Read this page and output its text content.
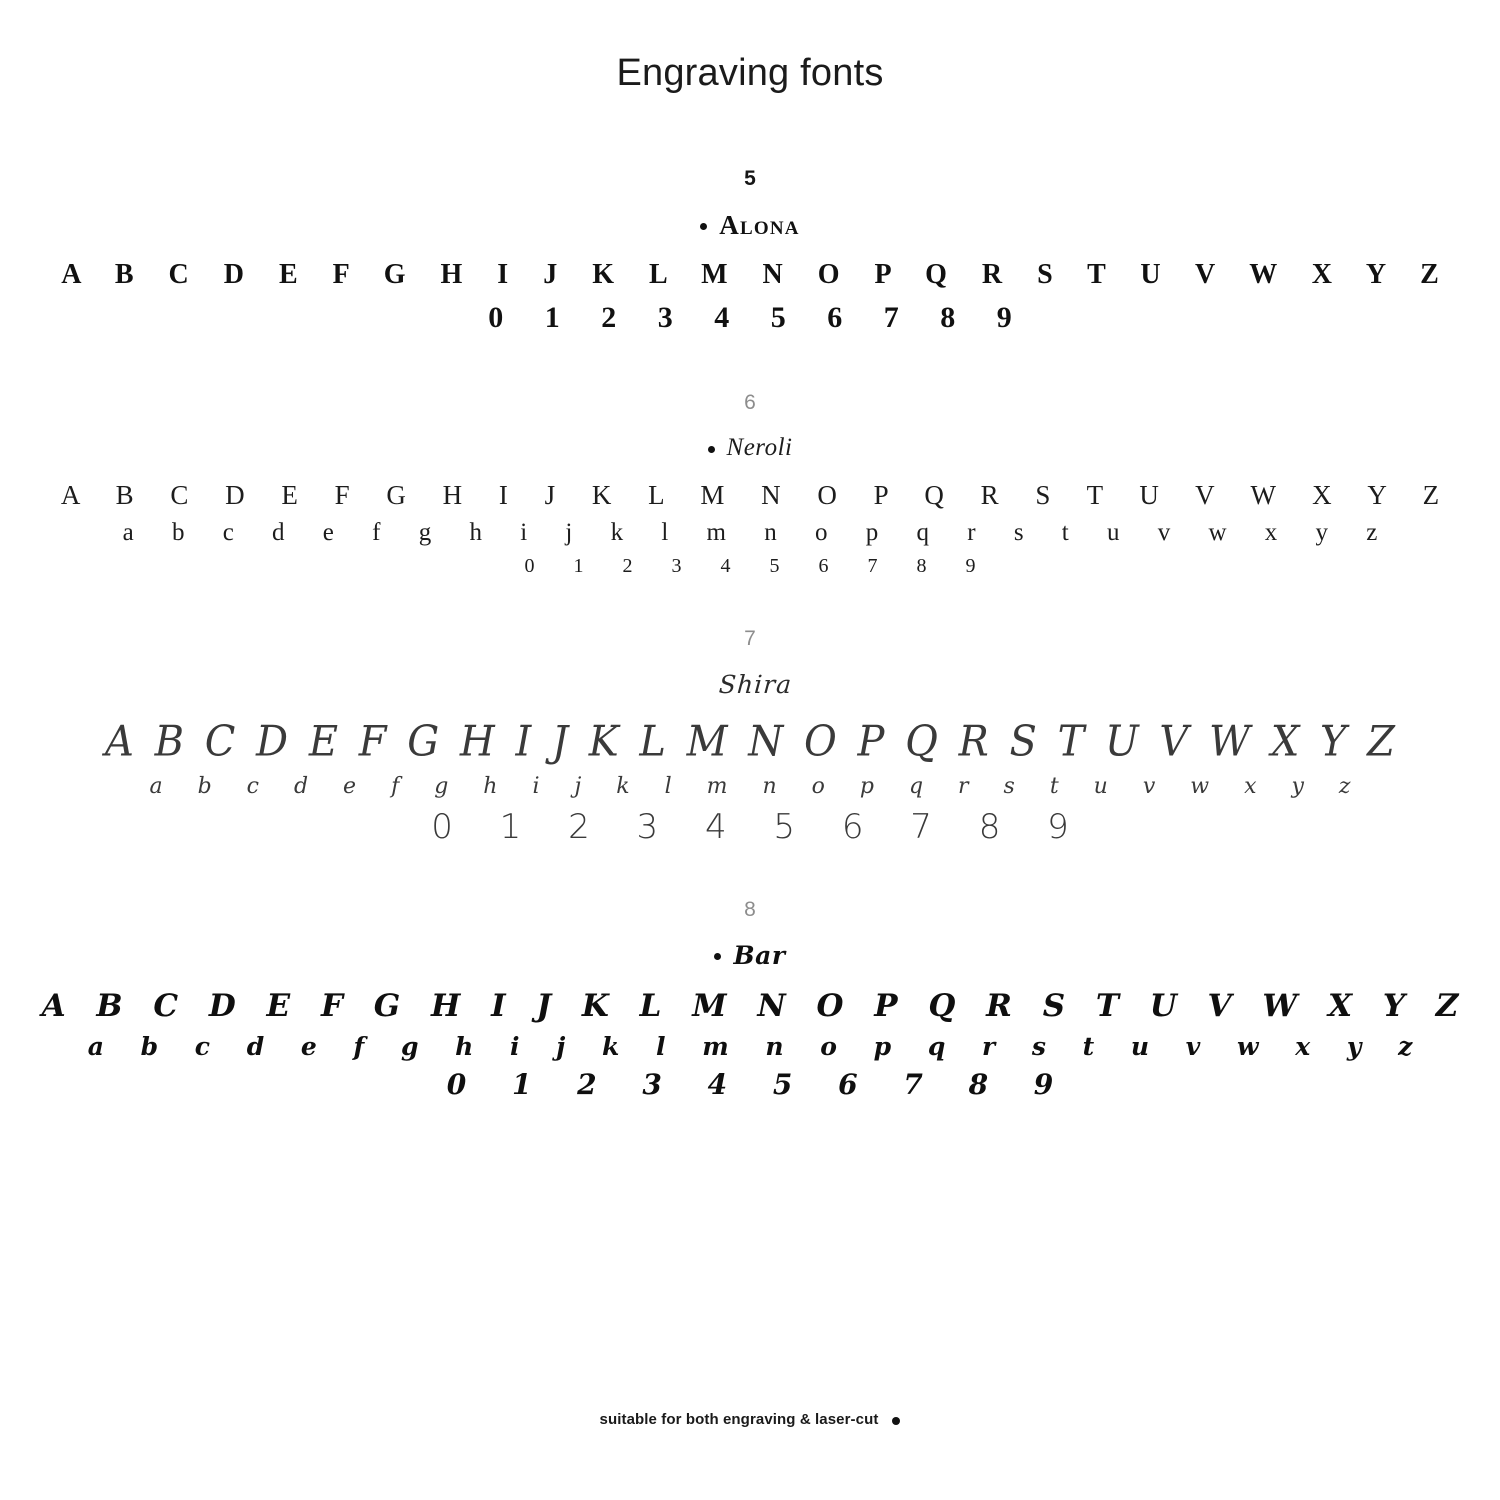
Engraving fonts
5
Alona
A B C D E F G H I J K L M N O P Q R S T U V W X Y Z
0 1 2 3 4 5 6 7 8 9
6
Neroli
A B C D E F G H I J K L M N O P Q R S T U V W X Y Z
a b c d e f g h i j k l m n o p q r s t u v w x y z
0 1 2 3 4 5 6 7 8 9
7
Shira
A B C D E F G H I J K L M N O P Q R S T U V W X Y Z
a b c d e f g h i j k l m n o p q r s t u v w x y z
0 1 2 3 4 5 6 7 8 9
8
Bar
A B C D E F G H I J K L M N O P Q R S T U V W X Y Z
a b c d e f g h i j k l m n o p q r s t u v w x y z
0 1 2 3 4 5 6 7 8 9
suitable for both engraving & laser-cut
